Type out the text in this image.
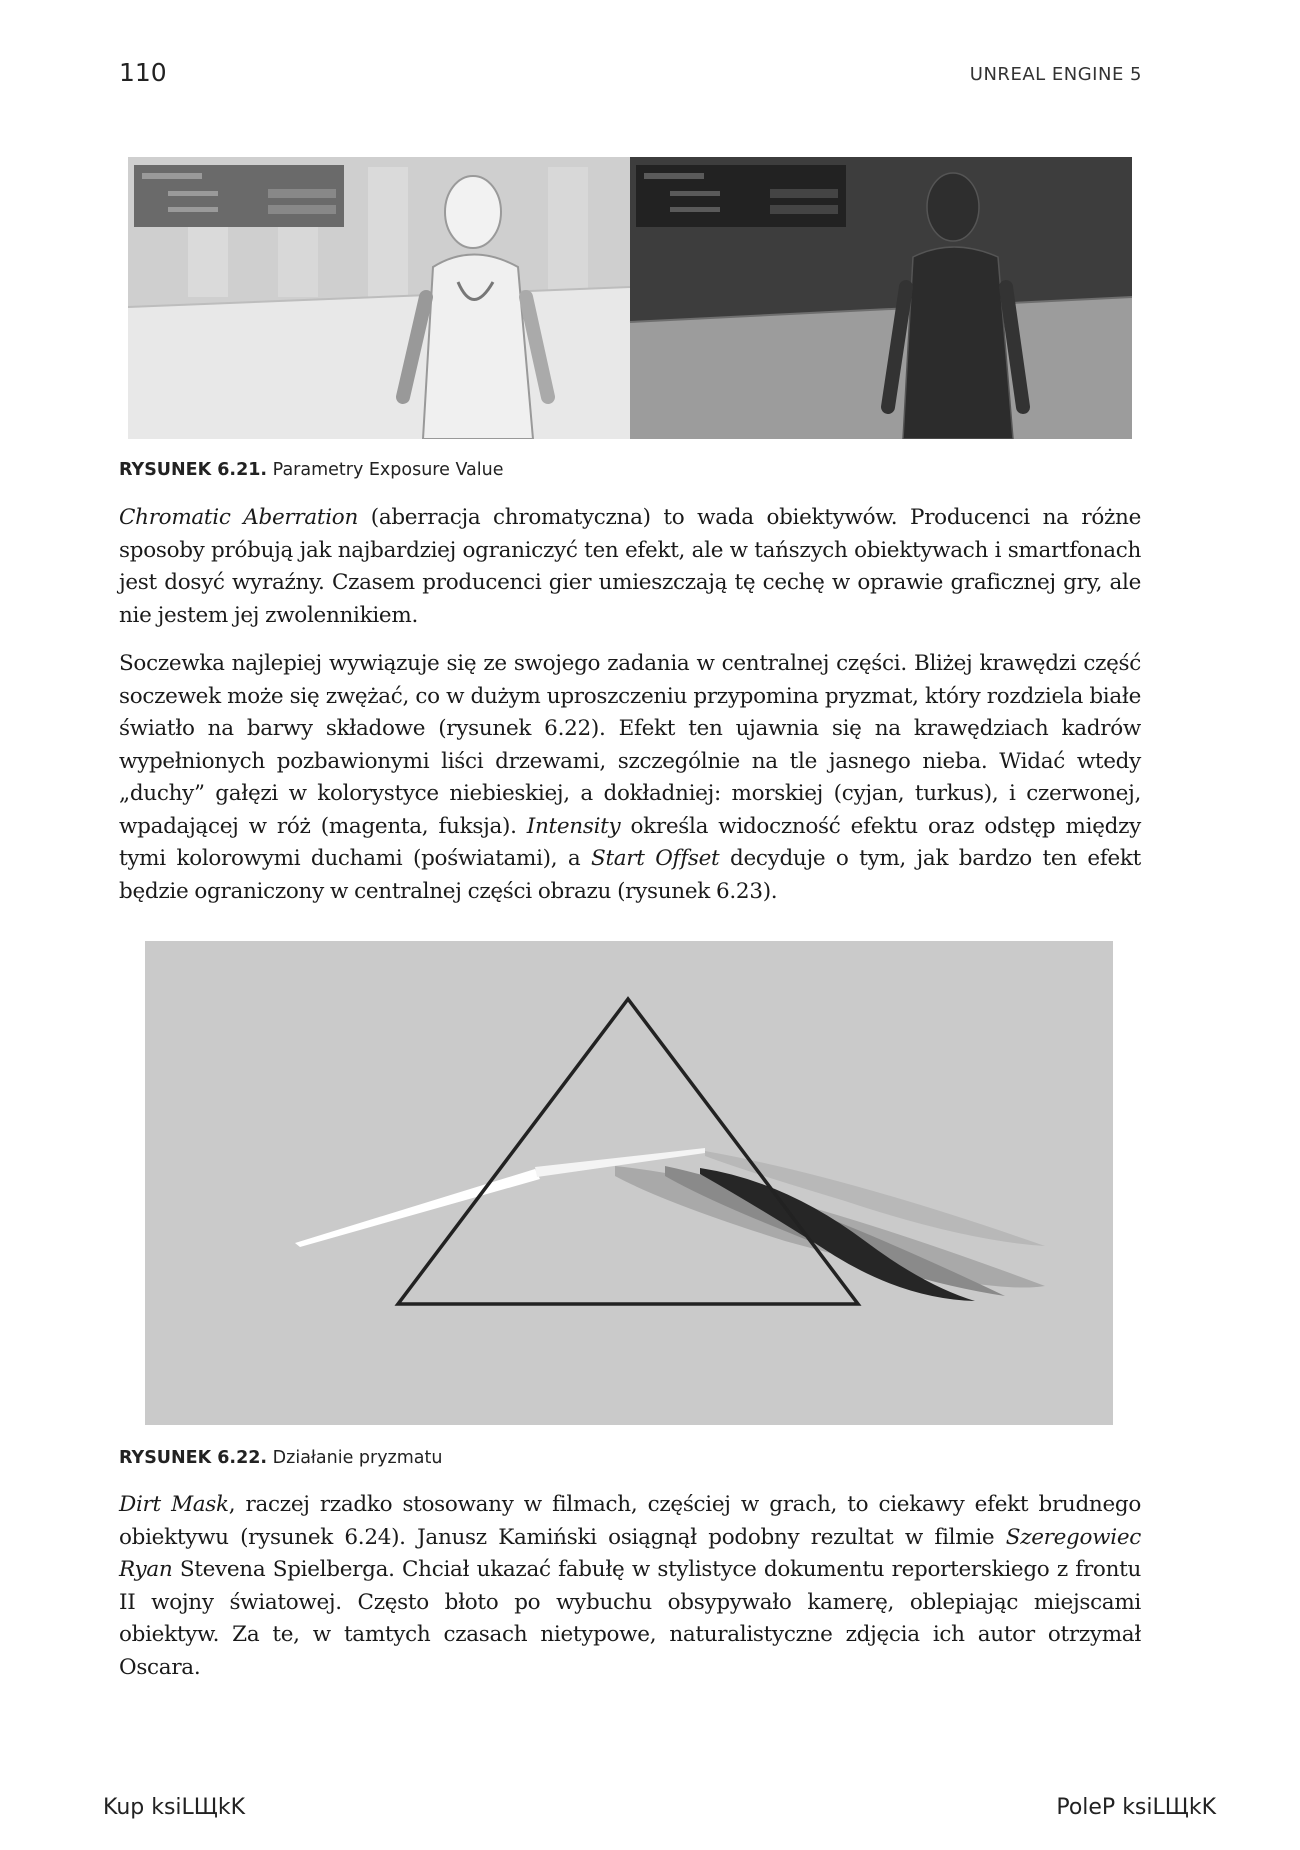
110	UNREAL ENGINE 5
RYSUNEK 6.21. Parametry Exposure Value

Chromatic Aberration (aberracja chromatyczna) to wada obiektywów. Producenci na różne sposoby próbują jak najbardziej ograniczyć ten efekt, ale w tańszych obiektywach i smartfonach jest dosyć wyraźny. Czasem producenci gier umieszczają tę cechę w oprawie graficznej gry, ale nie jestem jej zwolennikiem.

Soczewka najlepiej wywiązuje się ze swojego zadania w centralnej części. Bliżej krawędzi część soczewek może się zwężać, co w dużym uproszczeniu przypomina pryzmat, który rozdziela białe światło na barwy składowe (rysunek 6.22). Efekt ten ujawnia się na krawędziach kadrów wypełnionych pozbawionymi liści drzewami, szczególnie na tle jasnego nieba. Widać wtedy „duchy” gałęzi w kolorystyce niebieskiej, a dokładniej: morskiej (cyjan, turkus), i czerwonej, wpadającej w róż (magenta, fuksja). Intensity określa widoczność efektu oraz odstęp między tymi kolorowymi duchami (poświatami), a Start Offset decyduje o tym, jak bardzo ten efekt będzie ograniczony w centralnej części obrazu (rysunek 6.23).

RYSUNEK 6.22. Działanie pryzmatu

Dirt Mask, raczej rzadko stosowany w filmach, częściej w grach, to ciekawy efekt brudnego obiektywu (rysunek 6.24). Janusz Kamiński osiągnął podobny rezultat w filmie Szeregowiec Ryan Stevena Spielberga. Chciał ukazać fabułę w stylistyce dokumentu reporterskiego z frontu II wojny światowej. Często błoto po wybuchu obsypywało kamerę, oblepiając miejscami obiektyw. Za te, w tamtych czasach nietypowe, naturalistyczne zdjęcia ich autor otrzymał Oscara.

Kup ksiLЩkK	PoleP ksiLЩkK
